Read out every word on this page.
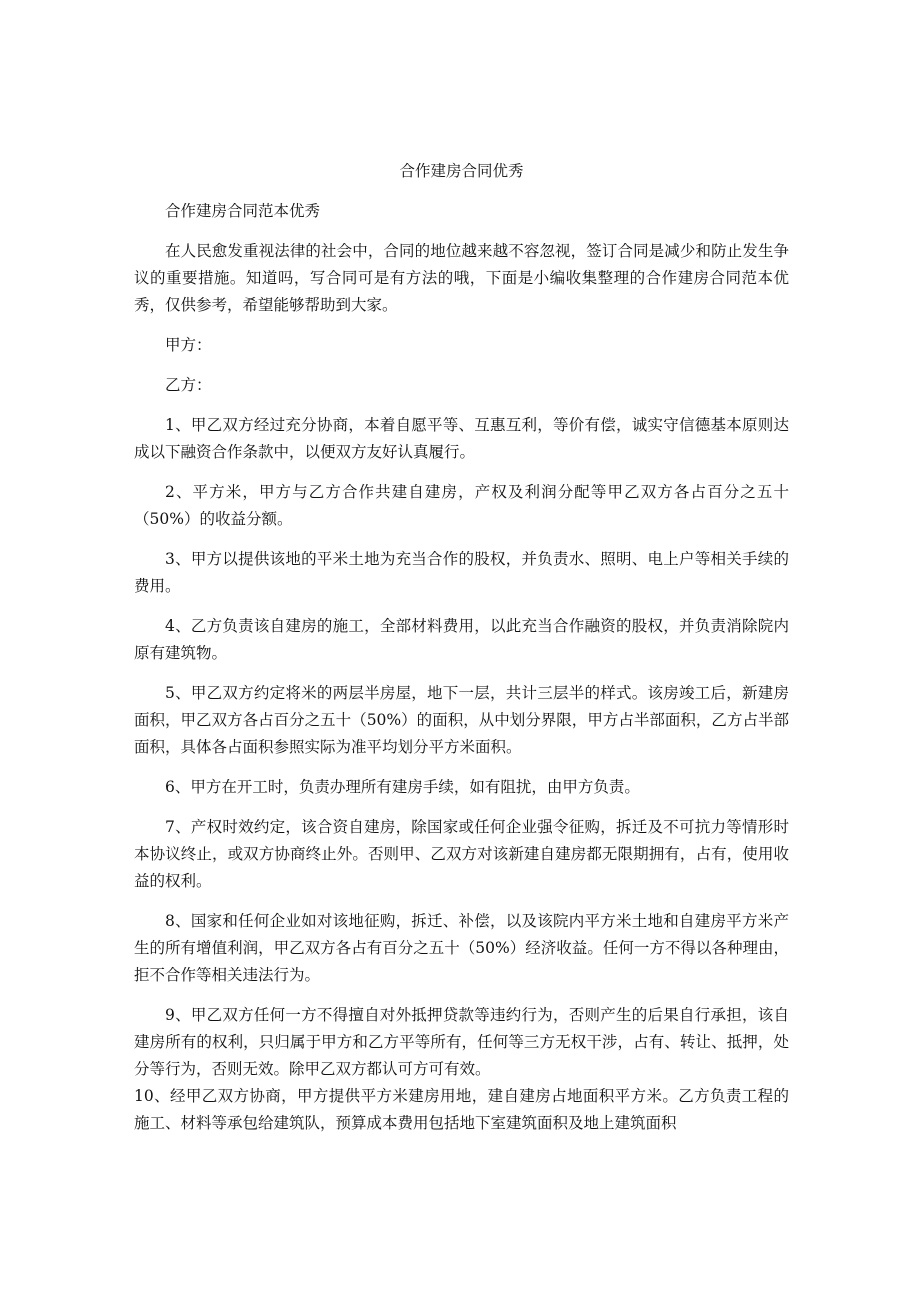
合作建房合同优秀

合作建房合同范本优秀

在人民愈发重视法律的社会中，合同的地位越来越不容忽视，签订合同是减少和防止发生争议的重要措施。知道吗，写合同可是有方法的哦，下面是小编收集整理的合作建房合同范本优秀，仅供参考，希望能够帮助到大家。

甲方：

乙方：

1、甲乙双方经过充分协商，本着自愿平等、互惠互利，等价有偿，诚实守信德基本原则达成以下融资合作条款中，以便双方友好认真履行。

2、平方米，甲方与乙方合作共建自建房，产权及利润分配等甲乙双方各占百分之五十（50%）的收益分额。

3、甲方以提供该地的平米土地为充当合作的股权，并负责水、照明、电上户等相关手续的费用。

4、乙方负责该自建房的施工，全部材料费用，以此充当合作融资的股权，并负责消除院内原有建筑物。

5、甲乙双方约定将米的两层半房屋，地下一层，共计三层半的样式。该房竣工后，新建房面积，甲乙双方各占百分之五十（50%）的面积，从中划分界限，甲方占半部面积，乙方占半部面积，具体各占面积参照实际为准平均划分平方米面积。

6、甲方在开工时，负责办理所有建房手续，如有阻扰，由甲方负责。

7、产权时效约定，该合资自建房，除国家或任何企业强令征购，拆迁及不可抗力等情形时本协议终止，或双方协商终止外。否则甲、乙双方对该新建自建房都无限期拥有，占有，使用收益的权利。

8、国家和任何企业如对该地征购，拆迁、补偿，以及该院内平方米土地和自建房平方米产生的所有增值利润，甲乙双方各占有百分之五十（50%）经济收益。任何一方不得以各种理由，拒不合作等相关违法行为。

9、甲乙双方任何一方不得擅自对外抵押贷款等违约行为，否则产生的后果自行承担，该自建房所有的权利，只归属于甲方和乙方平等所有，任何等三方无权干涉，占有、转让、抵押，处分等行为，否则无效。除甲乙双方都认可方可有效。

10、经甲乙双方协商，甲方提供平方米建房用地，建自建房占地面积平方米。乙方负责工程的施工、材料等承包给建筑队，预算成本费用包括地下室建筑面积及地上建筑面积
